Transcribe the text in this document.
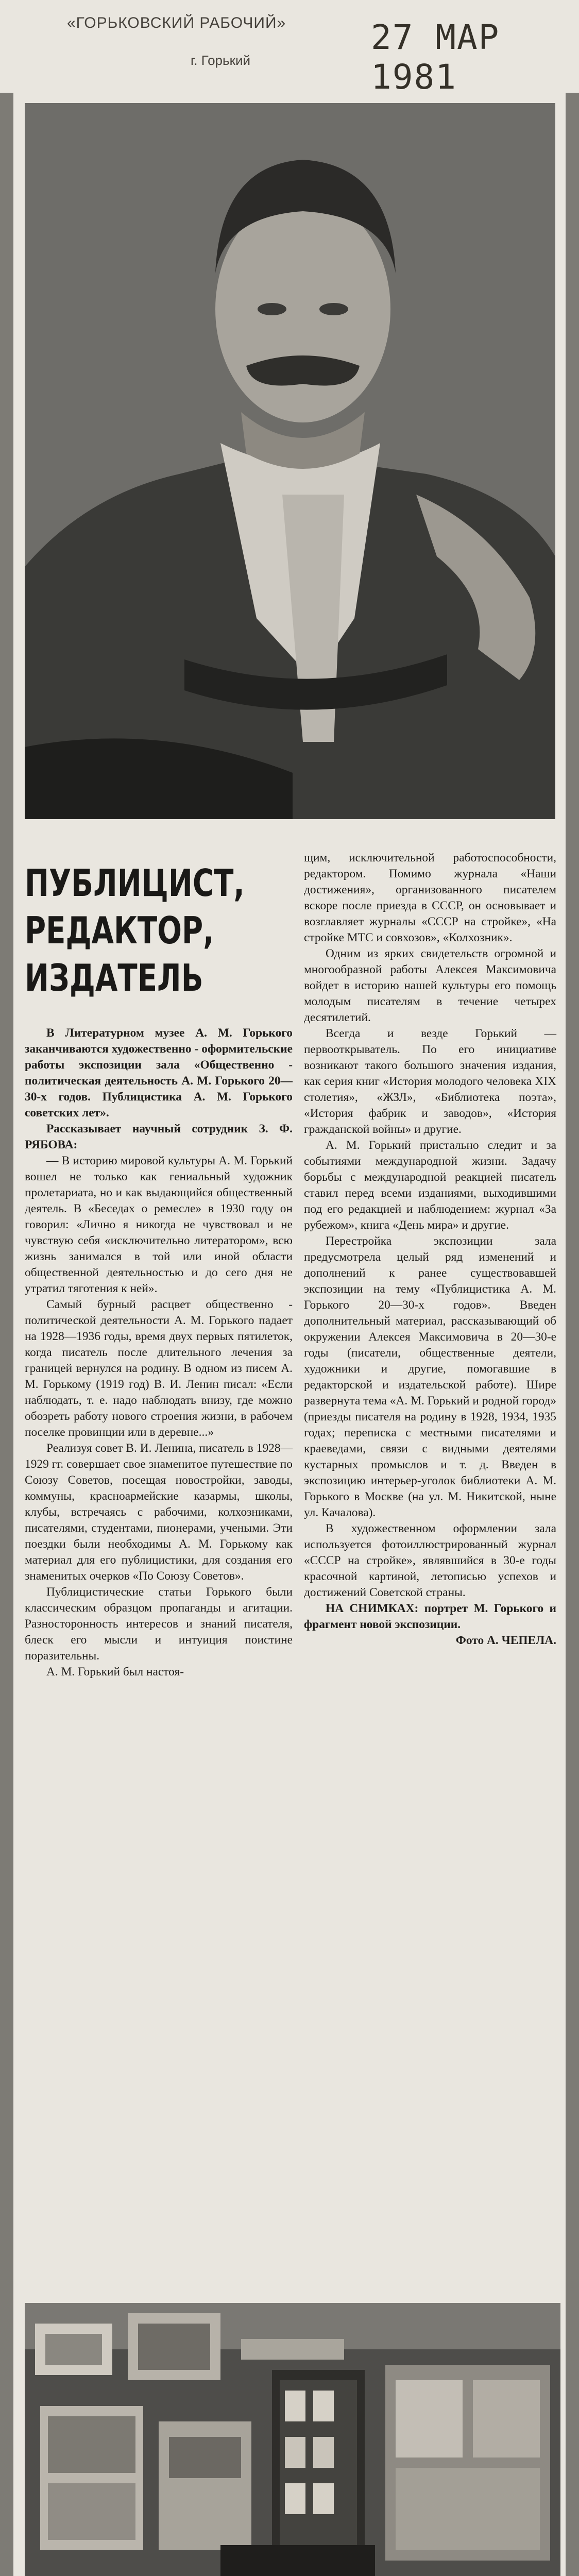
«ГОРЬКОВСКИЙ РАБОЧИЙ»
г. Горький
27 МАР 1981
ПУБЛИЦИСТ,
РЕДАКТОР,
ИЗДАТЕЛЬ

В Литературном музее А. М. Горького заканчиваются художественно - оформительские работы экспозиции зала «Общественно - политическая деятельность А. М. Горького 20—30-х годов. Публицистика А. М. Горького советских лет».

Рассказывает научный сотрудник З. Ф. РЯБОВА:

— В историю мировой культуры А. М. Горький вошел не только как гениальный художник пролетариата, но и как выдающийся общественный деятель. В «Беседах о ремесле» в 1930 году он говорил: «Лично я никогда не чувствовал и не чувствую себя «исключительно литератором», всю жизнь занимался в той или иной области общественной деятельностью и до сего дня не утратил тяготения к ней».

Самый бурный расцвет общественно - политической деятельности А. М. Горького падает на 1928—1936 годы, время двух первых пятилеток, когда писатель после длительного лечения за границей вернулся на родину. В одном из писем А. М. Горькому (1919 год) В. И. Ленин писал: «Если наблюдать, т. е. надо наблюдать внизу, где можно обозреть работу нового строения жизни, в рабочем поселке провинции или в деревне...»

Реализуя совет В. И. Ленина, писатель в 1928—1929 гг. совершает свое знаменитое путешествие по Союзу Советов, посещая новостройки, заводы, коммуны, красноармейские казармы, школы, клубы, встречаясь с рабочими, колхозниками, писателями, студентами, пионерами, учеными. Эти поездки были необходимы А. М. Горькому как материал для его публицистики, для создания его знаменитых очерков «По Союзу Советов».

Публицистические статьи Горького были классическим образцом пропаганды и агитации. Разносторонность интересов и знаний писателя, блеск его мысли и интуиция поистине поразительны.

А. М. Горький был настоя-

щим, исключительной работоспособности, редактором. Помимо журнала «Наши достижения», организованного писателем вскоре после приезда в СССР, он основывает и возглавляет журналы «СССР на стройке», «На стройке МТС и совхозов», «Колхозник».

Одним из ярких свидетельств огромной и многообразной работы Алексея Максимовича войдет в историю нашей культуры его помощь молодым писателям в течение четырех десятилетий.

Всегда и везде Горький — первооткрыватель. По его инициативе возникают такого большого значения издания, как серия книг «История молодого человека XIX столетия», «ЖЗЛ», «Библиотека поэта», «История фабрик и заводов», «История гражданской войны» и другие.

А. М. Горький пристально следит и за событиями международной жизни. Задачу борьбы с международной реакцией писатель ставил перед всеми изданиями, выходившими под его редакцией и наблюдением: журнал «За рубежом», книга «День мира» и другие.

Перестройка экспозиции зала предусмотрела целый ряд изменений и дополнений к ранее существовавшей экспозиции на тему «Публицистика А. М. Горького 20—30-х годов». Введен дополнительный материал, рассказывающий об окружении Алексея Максимовича в 20—30-е годы (писатели, общественные деятели, художники и другие, помогавшие в редакторской и издательской работе). Шире развернута тема «А. М. Горький и родной город» (приезды писателя на родину в 1928, 1934, 1935 годах; переписка с местными писателями и краеведами, связи с видными деятелями кустарных промыслов и т. д. Введен в экспозицию интерьер-уголок библиотеки А. М. Горького в Москве (на ул. М. Никитской, ныне ул. Качалова).

В художественном оформлении зала используется фотоиллюстрированный журнал «СССР на стройке», являвшийся в 30-е годы красочной картиной, летописью успехов и достижений Советской страны.

НА СНИМКАХ: портрет М. Горького и фрагмент новой экспозиции.

Фото А. ЧЕПЕЛА.
